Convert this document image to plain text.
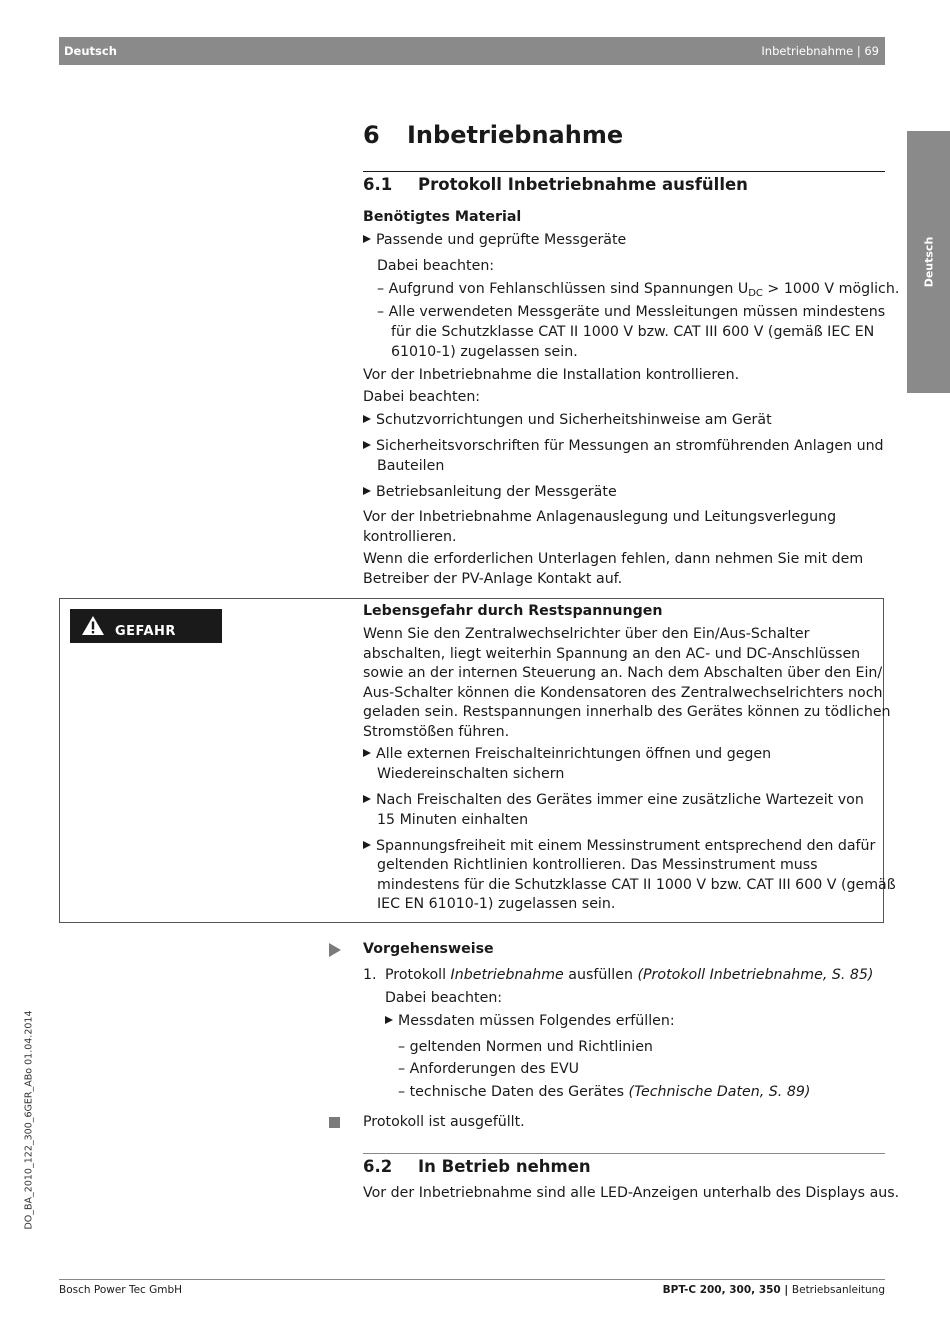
Deutsch	Inbetriebnahme | 69
Deutsch
DO_BA_2010_122_300_6GER_ABo 01.04.2014
6 Inbetriebnahme
6.1 Protokoll Inbetriebnahme ausfüllen
Benötigtes Material
Passende und geprüfte Messgeräte
Dabei beachten:
– Aufgrund von Fehlanschlüssen sind Spannungen $U_{DC} > 1000$ V möglich.
– Alle verwendeten Messgeräte und Messleitungen müssen mindestens
für die Schutzklasse CAT II 1000 V bzw. CAT III 600 V (gemäß IEC EN
61010-1) zugelassen sein.
Vor der Inbetriebnahme die Installation kontrollieren.
Dabei beachten:
Schutzvorrichtungen und Sicherheitshinweise am Gerät
Sicherheitsvorschriften für Messungen an stromführenden Anlagen und
Bauteilen
Betriebsanleitung der Messgeräte
Vor der Inbetriebnahme Anlagenauslegung und Leitungsverlegung
kontrollieren.
Wenn die erforderlichen Unterlagen fehlen, dann nehmen Sie mit dem
Betreiber der PV-Anlage Kontakt auf.
GEFAHR
Lebensgefahr durch Restspannungen
Wenn Sie den Zentralwechselrichter über den Ein/Aus-Schalter
abschalten, liegt weiterhin Spannung an den AC- und DC-Anschlüssen
sowie an der internen Steuerung an. Nach dem Abschalten über den Ein/
Aus-Schalter können die Kondensatoren des Zentralwechselrichters noch
geladen sein. Restspannungen innerhalb des Gerätes können zu tödlichen
Stromstößen führen.
Alle externen Freischalteinrichtungen öffnen und gegen
Wiedereinschalten sichern
Nach Freischalten des Gerätes immer eine zusätzliche Wartezeit von
15 Minuten einhalten
Spannungsfreiheit mit einem Messinstrument entsprechend den dafür
geltenden Richtlinien kontrollieren. Das Messinstrument muss
mindestens für die Schutzklasse CAT II 1000 V bzw. CAT III 600 V (gemäß
IEC EN 61010-1) zugelassen sein.
Vorgehensweise
1. Protokoll Inbetriebnahme ausfüllen (Protokoll Inbetriebnahme, S. 85)
Dabei beachten:
Messdaten müssen Folgendes erfüllen:
– geltenden Normen und Richtlinien
– Anforderungen des EVU
– technische Daten des Gerätes (Technische Daten, S. 89)
Protokoll ist ausgefüllt.
6.2 In Betrieb nehmen
Vor der Inbetriebnahme sind alle LED-Anzeigen unterhalb des Displays aus.
Bosch Power Tec GmbH	BPT-C 200, 300, 350 | Betriebsanleitung
